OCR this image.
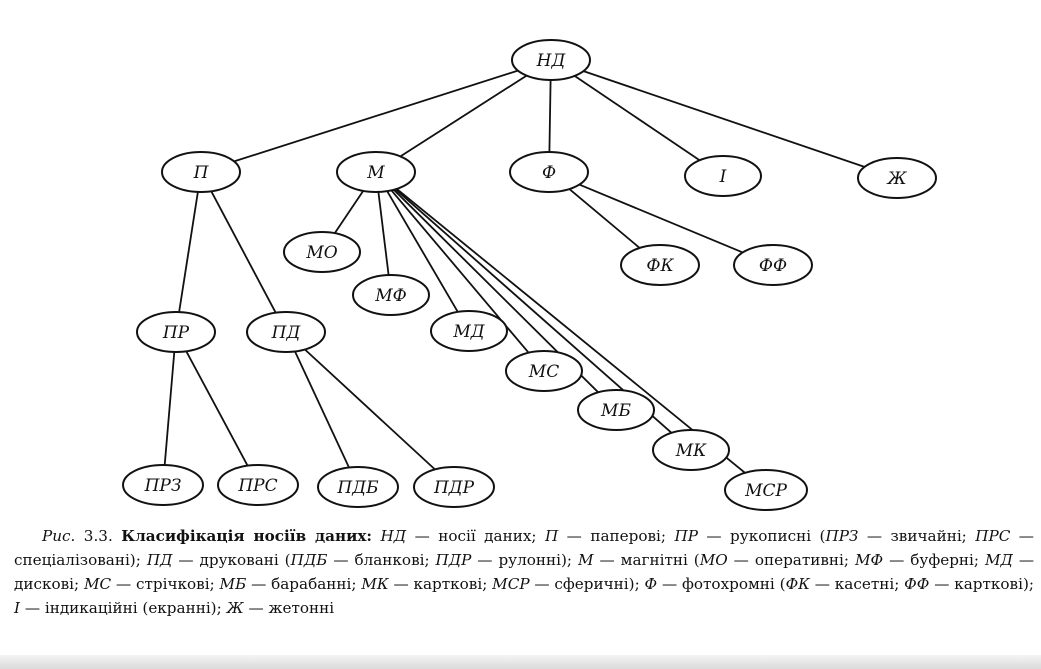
НД
П	М	Ф	І	Ж
ПР	ПД
ПРЗ	ПРС	ПДБ	ПДР
МО
МФ
МД
МС
МБ
МК
МСР
ФК	ФФ
Рис. 3.3. Класифікація носіїв даних: НД — носії даних; П — паперові; ПР — рукописні (ПРЗ — звичайні; ПРС — спеціалізовані); ПД — друковані (ПДБ — бланкові; ПДР — рулонні); М — магнітні (МО — оперативні; МФ — буферні; МД — дискові; МС — стрічкові; МБ — барабанні; МК — карткові; МСР — сферичні); Ф — фотохромні (ФК — касетні; ФФ — карткові); І — індикаційні (екранні); Ж — жетонні
